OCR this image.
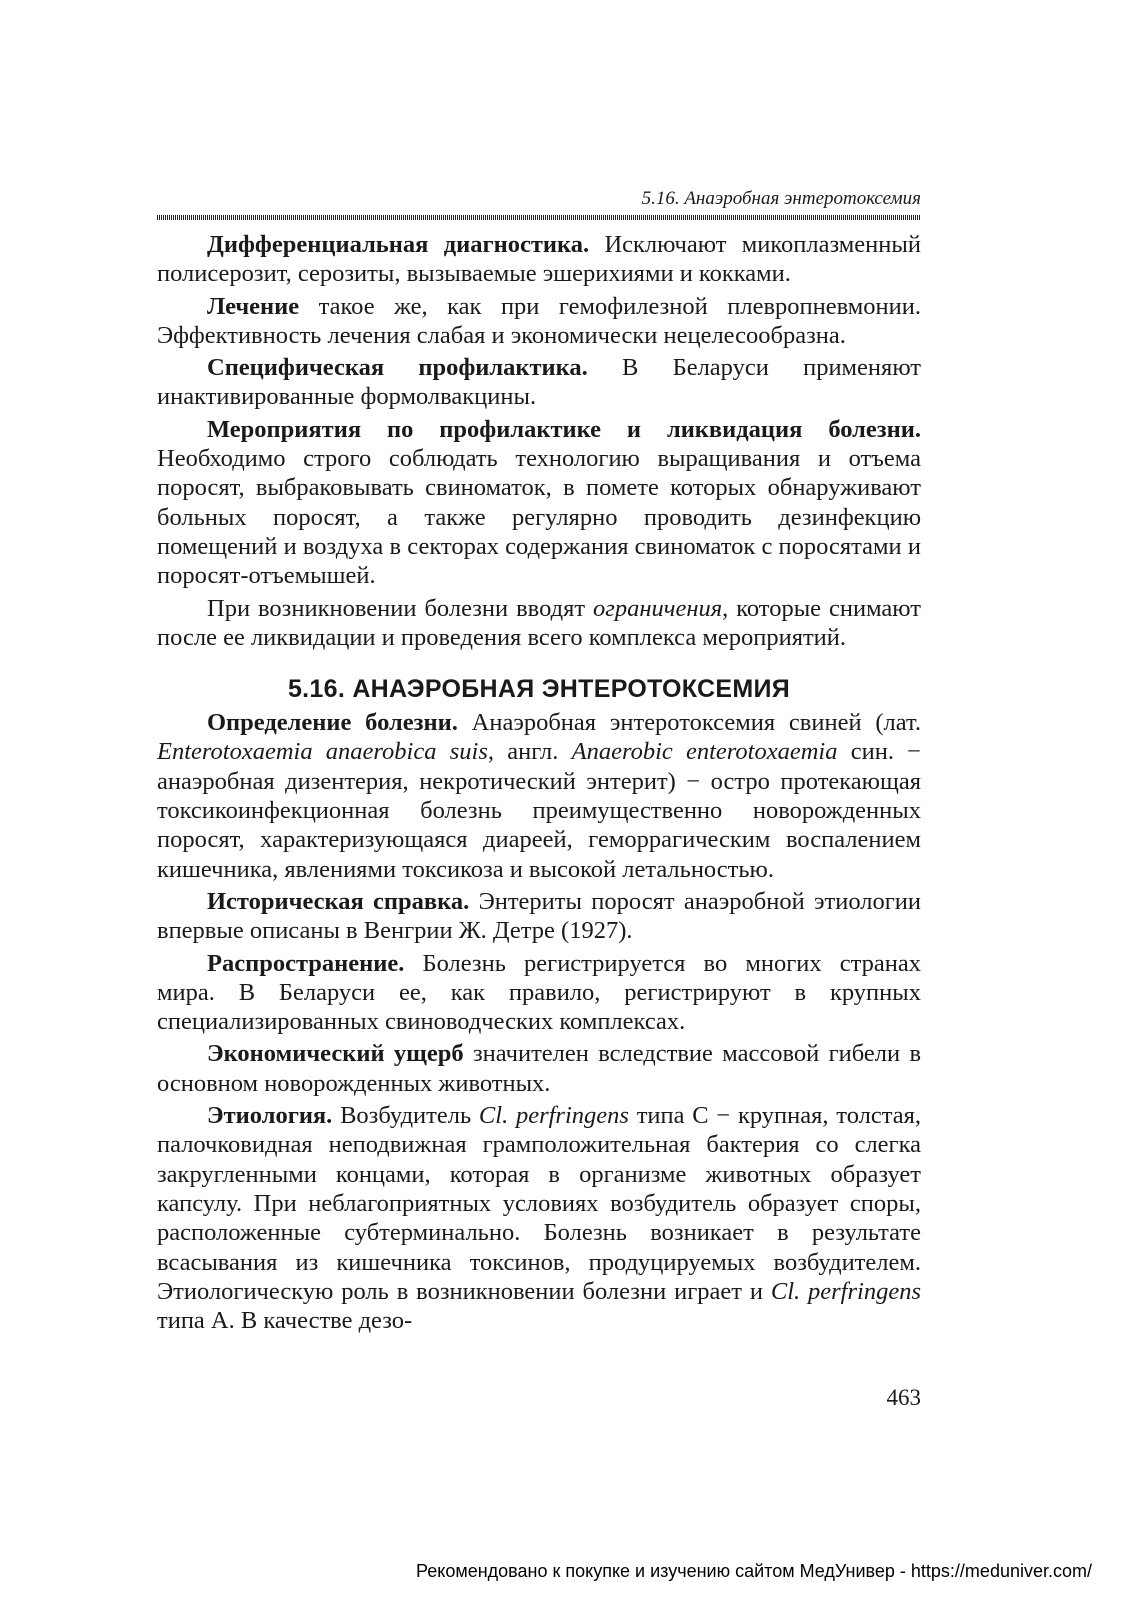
5.16. Анаэробная энтеротоксемия

Дифференциальная диагностика. Исключают микоплазменный полисерозит, серозиты, вызываемые эшерихиями и кокками.

Лечение такое же, как при гемофилезной плевропневмонии. Эффективность лечения слабая и экономически нецелесообразна.

Специфическая профилактика. В Беларуси применяют инактивированные формолвакцины.

Мероприятия по профилактике и ликвидация болезни. Необходимо строго соблюдать технологию выращивания и отъема поросят, выбраковывать свиноматок, в помете которых обнаруживают больных поросят, а также регулярно проводить дезинфекцию помещений и воздуха в секторах содержания свиноматок с поросятами и поросят-отъемышей.

При возникновении болезни вводят ограничения, которые снимают после ее ликвидации и проведения всего комплекса мероприятий.

5.16. АНАЭРОБНАЯ ЭНТЕРОТОКСЕМИЯ

Определение болезни. Анаэробная энтеротоксемия свиней (лат. Enterotoxaemia anaerobica suis, англ. Anaerobic enterotoxaemia син. − анаэробная дизентерия, некротический энтерит) − остро протекающая токсикоинфекционная болезнь преимущественно новорожденных поросят, характеризующаяся диареей, геморрагическим воспалением кишечника, явлениями токсикоза и высокой летальностью.

Историческая справка. Энтериты поросят анаэробной этиологии впервые описаны в Венгрии Ж. Детре (1927).

Распространение. Болезнь регистрируется во многих странах мира. В Беларуси ее, как правило, регистрируют в крупных специализированных свиноводческих комплексах.

Экономический ущерб значителен вследствие массовой гибели в основном новорожденных животных.

Этиология. Возбудитель Cl. perfringens типа С − крупная, толстая, палочковидная неподвижная грамположительная бактерия со слегка закругленными концами, которая в организме животных образует капсулу. При неблагоприятных условиях возбудитель образует споры, расположенные субтерминально. Болезнь возникает в результате всасывания из кишечника токсинов, продуцируемых возбудителем. Этиологическую роль в возникновении болезни играет и Cl. perfringens типа А. В качестве дезо-

463
Рекомендовано к покупке и изучению сайтом МедУнивер - https://meduniver.com/
